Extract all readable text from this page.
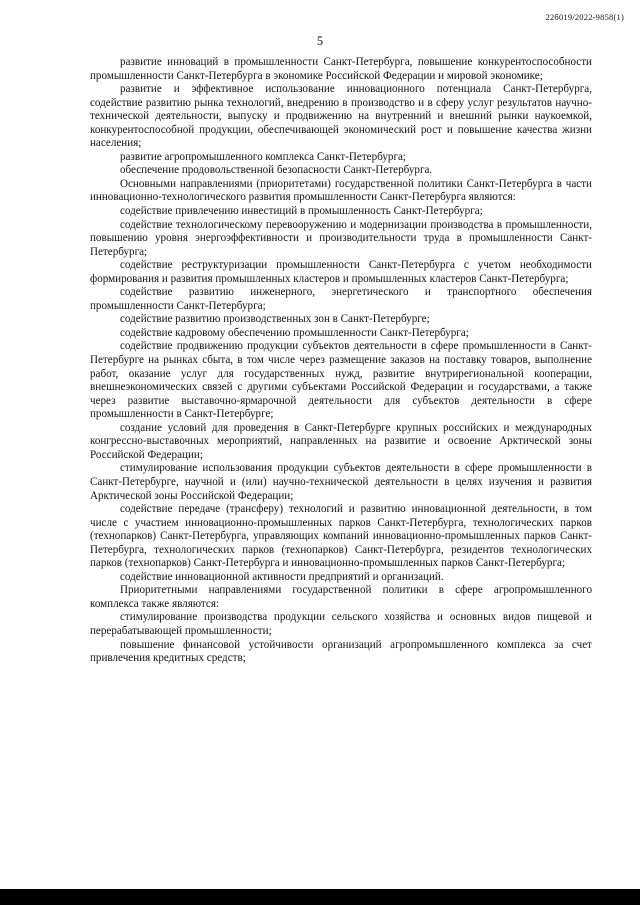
22б019/2022-9858(1)
5

развитие инноваций в промышленности Санкт-Петербурга, повышение конкурентоспособности промышленности Санкт-Петербурга в экономике Российской Федерации и мировой экономике;

развитие и эффективное использование инновационного потенциала Санкт-Петербурга, содействие развитию рынка технологий, внедрению в производство и в сферу услуг результатов научно-технической деятельности, выпуску и продвижению на внутренний и внешний рынки наукоемкой, конкурентоспособной продукции, обеспечивающей экономический рост и повышение качества жизни населения;

развитие агропромышленного комплекса Санкт-Петербурга;

обеспечение продовольственной безопасности Санкт-Петербурга.

Основными направлениями (приоритетами) государственной политики Санкт-Петербурга в части инновационно-технологического развития промышленности Санкт-Петербурга являются:

содействие привлечению инвестиций в промышленность Санкт-Петербурга;

содействие технологическому перевооружению и модернизации производства в промышленности, повышению уровня энергоэффективности и производительности труда в промышленности Санкт-Петербурга;

содействие реструктуризации промышленности Санкт-Петербурга с учетом необходимости формирования и развития промышленных кластеров и промышленных кластеров Санкт-Петербурга;

содействие развитию инженерного, энергетического и транспортного обеспечения промышленности Санкт-Петербурга;

содействие развитию производственных зон в Санкт-Петербурге;

содействие кадровому обеспечению промышленности Санкт-Петербурга;

содействие продвижению продукции субъектов деятельности в сфере промышленности в Санкт-Петербурге на рынках сбыта, в том числе через размещение заказов на поставку товаров, выполнение работ, оказание услуг для государственных нужд, развитие внутрирегиональной кооперации, внешнеэкономических связей с другими субъектами Российской Федерации и государствами, а также через развитие выставочно-ярмарочной деятельности для субъектов деятельности в сфере промышленности в Санкт-Петербурге;

создание условий для проведения в Санкт-Петербурге крупных российских и международных конгрессно-выставочных мероприятий, направленных на развитие и освоение Арктической зоны Российской Федерации;

стимулирование использования продукции субъектов деятельности в сфере промышленности в Санкт-Петербурге, научной и (или) научно-технической деятельности в целях изучения и развития Арктической зоны Российской Федерации;

содействие передаче (трансферу) технологий и развитию инновационной деятельности, в том числе с участием инновационно-промышленных парков Санкт-Петербурга, технологических парков (технопарков) Санкт-Петербурга, управляющих компаний инновационно-промышленных парков Санкт-Петербурга, технологических парков (технопарков) Санкт-Петербурга, резидентов технологических парков (технопарков) Санкт-Петербурга и инновационно-промышленных парков Санкт-Петербурга;

содействие инновационной активности предприятий и организаций.

Приоритетными направлениями государственной политики в сфере агропромышленного комплекса также являются:

стимулирование производства продукции сельского хозяйства и основных видов пищевой и перерабатывающей промышленности;

повышение финансовой устойчивости организаций агропромышленного комплекса за счет привлечения кредитных средств;
